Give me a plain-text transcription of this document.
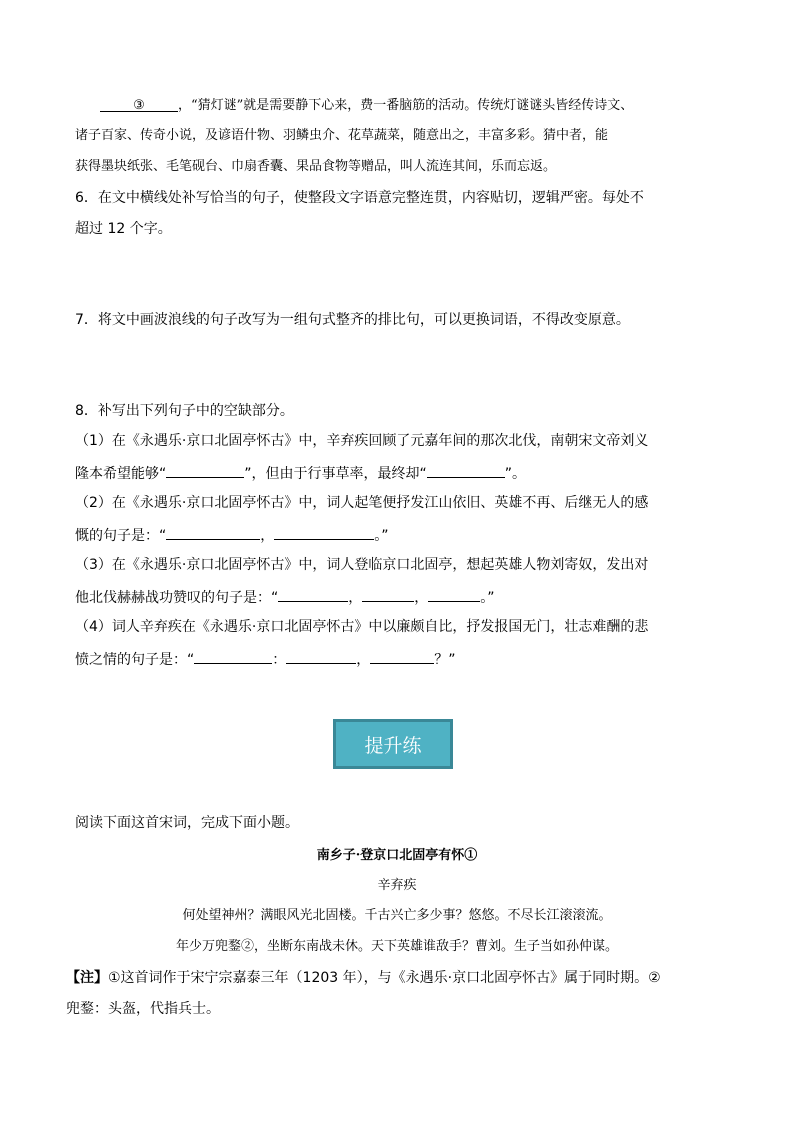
③	，“猜灯谜”就是需要静下心来，费一番脑筋的活动。传统灯谜谜头皆经传诗文、
诸子百家、传奇小说，及谚语什物、羽鳞虫介、花草蔬菜，随意出之，丰富多彩。猜中者，能
获得墨块纸张、毛笔砚台、巾扇香囊、果品食物等赠品，叫人流连其间，乐而忘返。
6．在文中横线处补写恰当的句子，使整段文字语意完整连贯，内容贴切，逻辑严密。每处不
超过 12 个字。
7．将文中画波浪线的句子改写为一组句式整齐的排比句，可以更换词语，不得改变原意。
8．补写出下列句子中的空缺部分。
（1）在《永遇乐·京口北固亭怀古》中，辛弃疾回顾了元嘉年间的那次北伐，南朝宋文帝刘义
隆本希望能够“	”，但由于行事草率，最终却“	”。
（2）在《永遇乐·京口北固亭怀古》中，词人起笔便抒发江山依旧、英雄不再、后继无人的感
慨的句子是：“	，	。”
（3）在《永遇乐·京口北固亭怀古》中，词人登临京口北固亭，想起英雄人物刘寄奴，发出对
他北伐赫赫战功赞叹的句子是：“	，	，	。”
（4）词人辛弃疾在《永遇乐·京口北固亭怀古》中以廉颇自比，抒发报国无门，壮志难酬的悲
愤之情的句子是：“	：	，	？”
提升练
阅读下面这首宋词，完成下面小题。
南乡子·登京口北固亭有怀①
辛弃疾
何处望神州？满眼风光北固楼。千古兴亡多少事？悠悠。不尽长江滚滚流。
年少万兜鍪②，坐断东南战未休。天下英雄谁敌手？曹刘。生子当如孙仲谋。
【注】①这首词作于宋宁宗嘉泰三年（1203 年），与《永遇乐·京口北固亭怀古》属于同时期。②
兜鍪：头盔，代指兵士。
